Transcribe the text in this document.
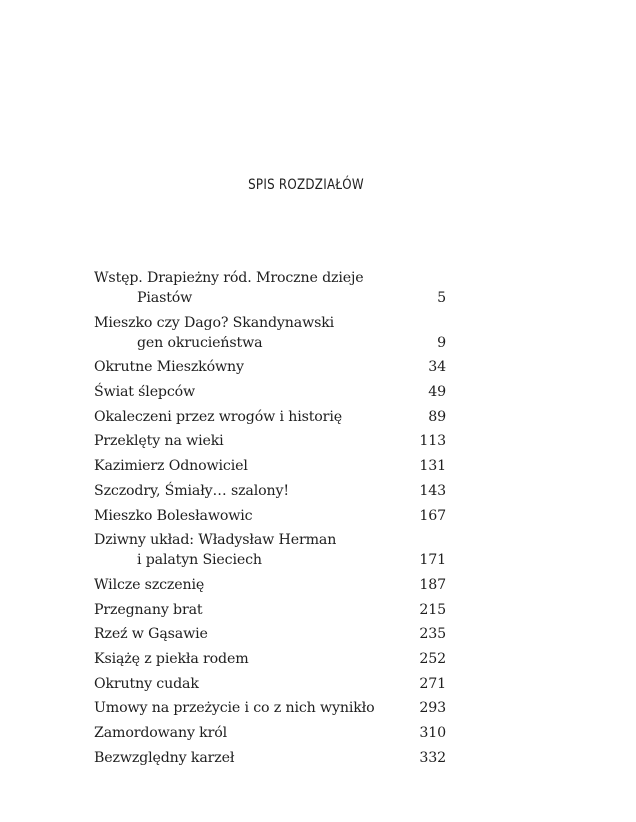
SPIS ROZDZIAŁÓW
Wstęp. Drapieżny ród. Mroczne dzieje
Piastów	5
Mieszko czy Dago? Skandynawski
gen okrucieństwa	9
Okrutne Mieszkówny	34
Świat ślepców	49
Okaleczeni przez wrogów i historię	89
Przeklęty na wieki	113
Kazimierz Odnowiciel	131
Szczodry, Śmiały… szalony!	143
Mieszko Bolesławowic	167
Dziwny układ: Władysław Herman
i palatyn Sieciech	171
Wilcze szczenię	187
Przegnany brat	215
Rzeź w Gąsawie	235
Książę z piekła rodem	252
Okrutny cudak	271
Umowy na przeżycie i co z nich wynikło	293
Zamordowany król	310
Bezwzględny karzeł	332
